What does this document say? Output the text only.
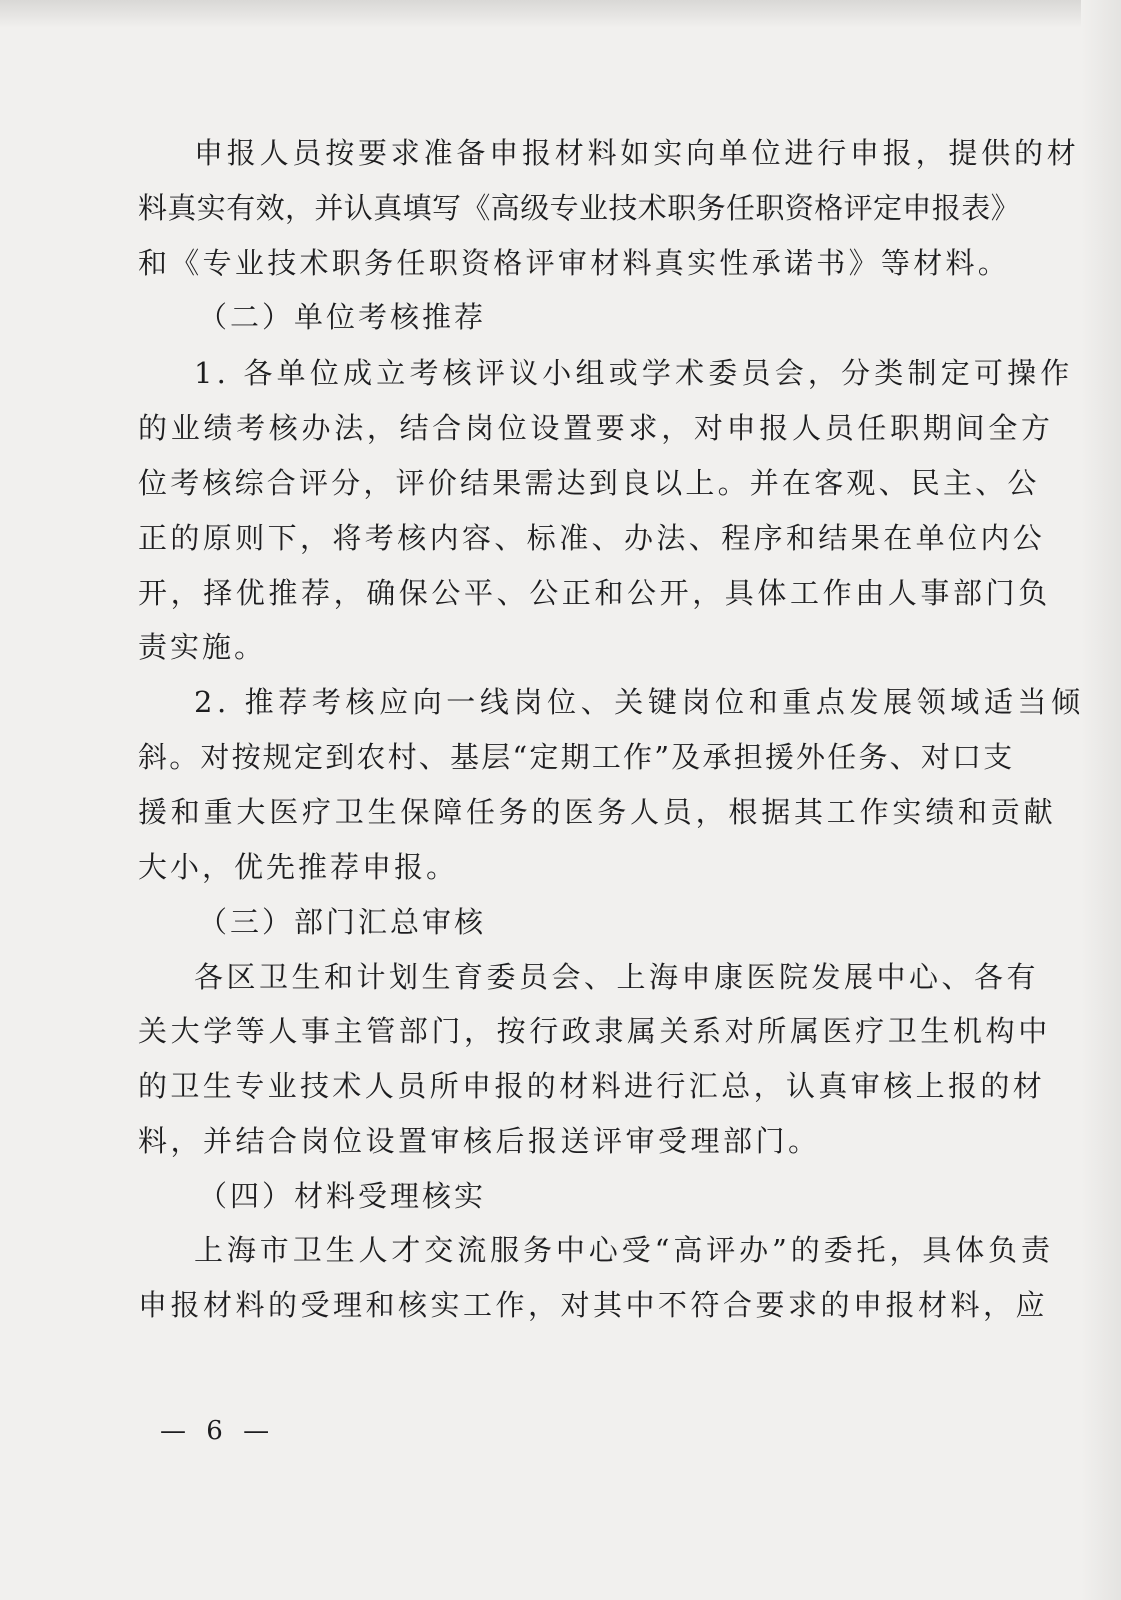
申报人员按要求准备申报材料如实向单位进行申报，提供的材
料真实有效，并认真填写《高级专业技术职务任职资格评定申报表》
和《专业技术职务任职资格评审材料真实性承诺书》等材料。
（二）单位考核推荐
1. 各单位成立考核评议小组或学术委员会，分类制定可操作
的业绩考核办法，结合岗位设置要求，对申报人员任职期间全方
位考核综合评分，评价结果需达到良以上。并在客观、民主、公
正的原则下，将考核内容、标准、办法、程序和结果在单位内公
开，择优推荐，确保公平、公正和公开，具体工作由人事部门负
责实施。
2. 推荐考核应向一线岗位、关键岗位和重点发展领域适当倾
斜。对按规定到农村、基层“定期工作”及承担援外任务、对口支
援和重大医疗卫生保障任务的医务人员，根据其工作实绩和贡献
大小，优先推荐申报。
（三）部门汇总审核
各区卫生和计划生育委员会、上海申康医院发展中心、各有
关大学等人事主管部门，按行政隶属关系对所属医疗卫生机构中
的卫生专业技术人员所申报的材料进行汇总，认真审核上报的材
料，并结合岗位设置审核后报送评审受理部门。
（四）材料受理核实
上海市卫生人才交流服务中心受“高评办”的委托，具体负责
申报材料的受理和核实工作，对其中不符合要求的申报材料，应
— 6 —
